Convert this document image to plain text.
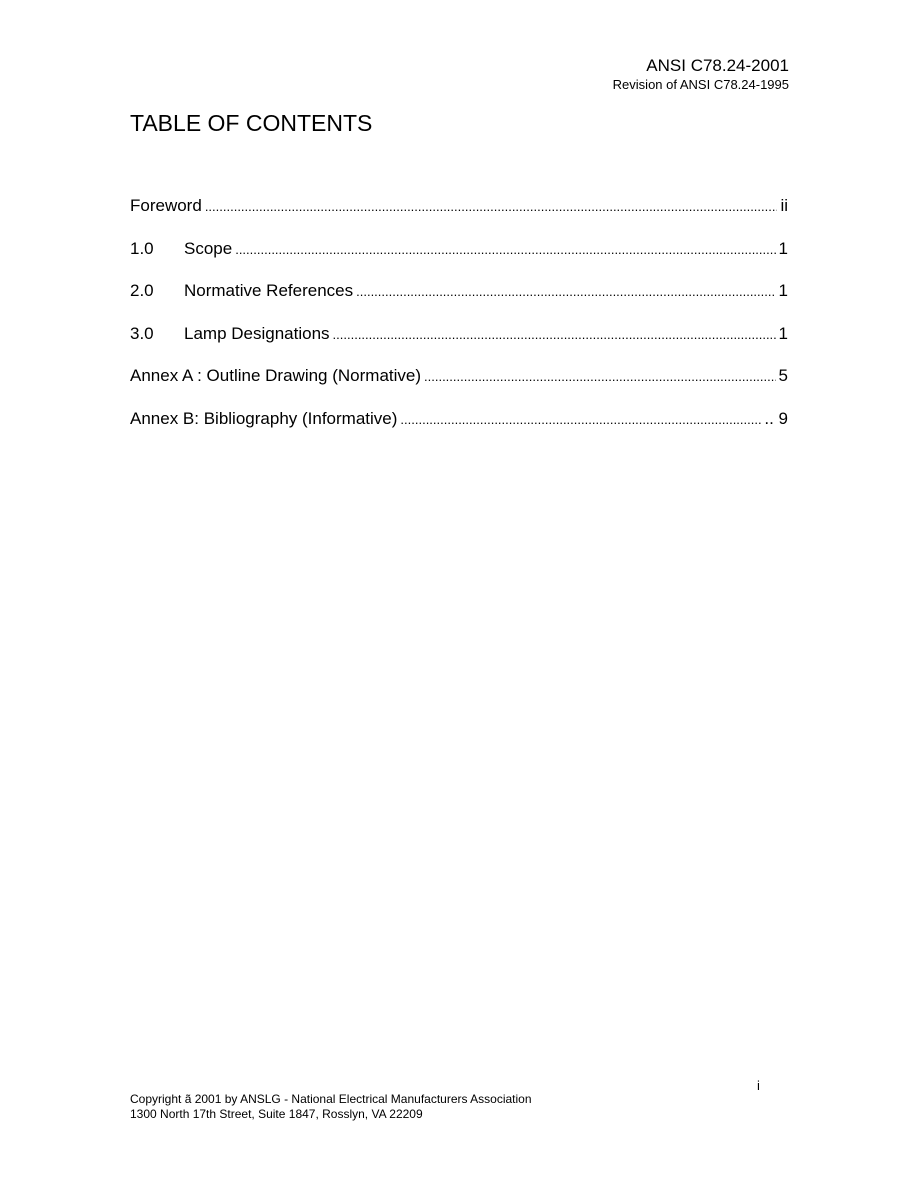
ANSI C78.24-2001
Revision of ANSI C78.24-1995
TABLE OF CONTENTS
Foreword .....	ii
1.0	Scope .....	1
2.0	Normative References .....	1
3.0	Lamp Designations .....	1
Annex A : Outline Drawing (Normative) .....	5
Annex B: Bibliography (Informative) .....	.. 9
i
Copyright ã 2001 by ANSLG - National Electrical Manufacturers Association
1300 North 17th Street, Suite 1847, Rosslyn, VA 22209
